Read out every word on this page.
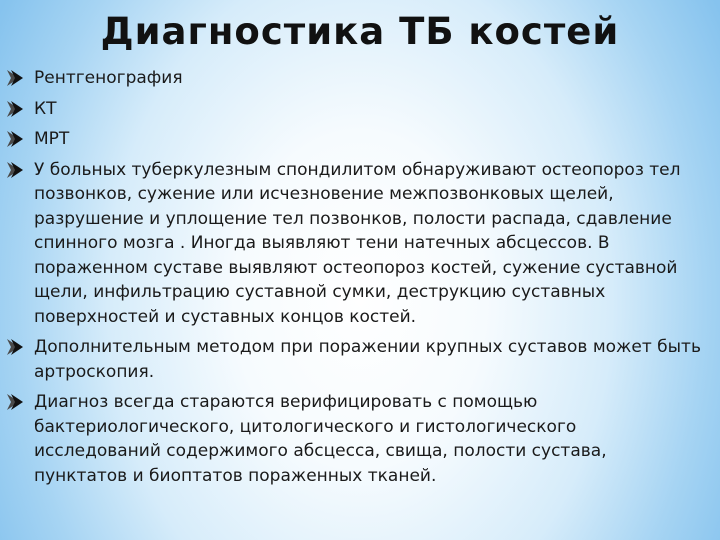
Диагностика ТБ костей
Рентгенография
КТ
МРТ
У больных туберкулезным спондилитом обнаруживают остеопороз тел позвонков, сужение или исчезновение межпозвонковых щелей, разрушение и уплощение тел позвонков, полости распада, сдавление спинного мозга . Иногда выявляют тени натечных абсцессов. В пораженном суставе выявляют остеопороз костей, сужение суставной щели, инфильтрацию суставной сумки, деструкцию суставных поверхностей и суставных концов костей.
Дополнительным методом при поражении крупных суставов может быть артроскопия.
Диагноз всегда стараются верифицировать с помощью бактериологического, цитологического и гистологического исследований содержимого абсцесса, свища, полости сустава, пунктатов и биоптатов пораженных тканей.
